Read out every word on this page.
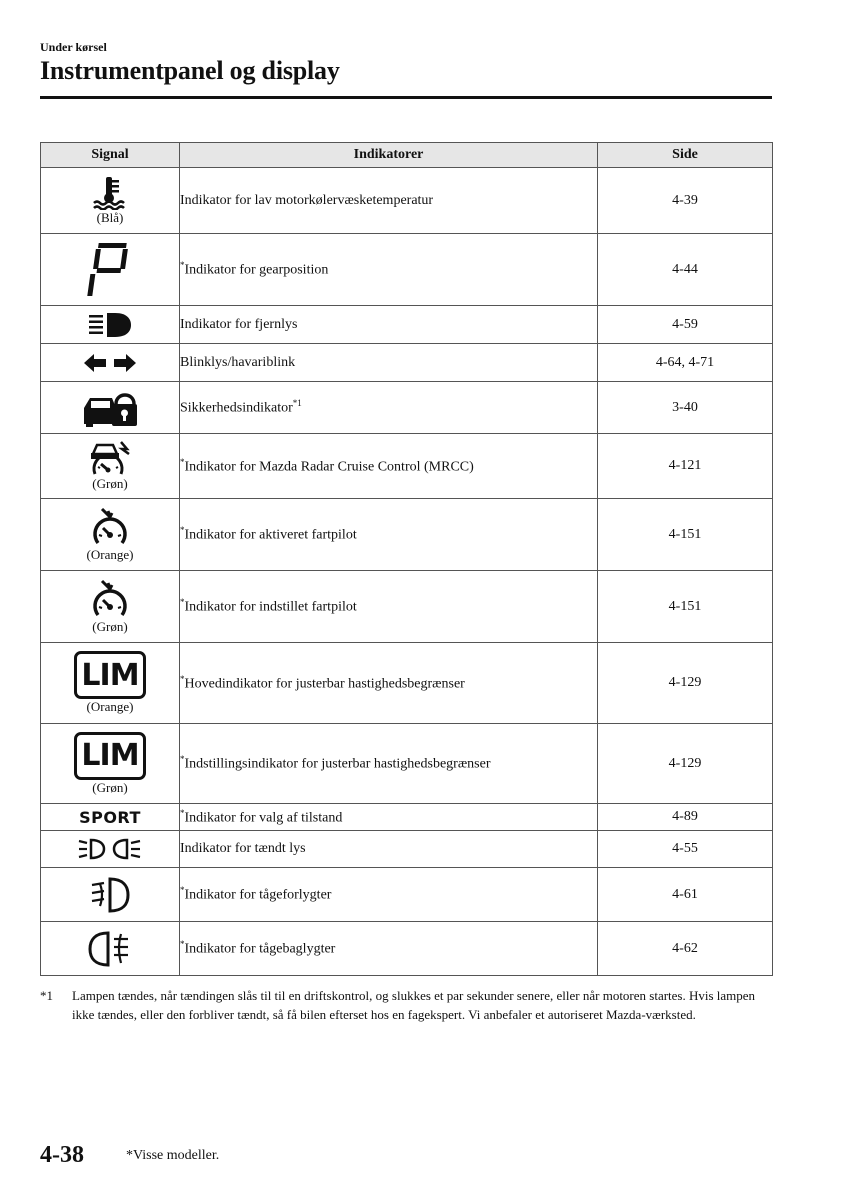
Under kørsel
Instrumentpanel og display
Signal	Indikatorer	Side

(Blå)	Indikator for lav motorkølervæsketemperatur	4-39

	*Indikator for gearposition	4-44

	Indikator for fjernlys	4-59

	Blinklys/havariblink	4-64, 4-71

	Sikkerhedsindikator$^{*1}$	3-40

(Grøn)	*Indikator for Mazda Radar Cruise Control (MRCC)	4-121

(Orange)	*Indikator for aktiveret fartpilot	4-151

(Grøn)	*Indikator for indstillet fartpilot	4-151

LIM
(Orange)	*Hovedindikator for justerbar hastighedsbegrænser	4-129

LIM
(Grøn)	*Indstillingsindikator for justerbar hastighedsbegrænser	4-129

SPORT	*Indikator for valg af tilstand	4-89

	Indikator for tændt lys	4-55

	*Indikator for tågeforlygter	4-61

	*Indikator for tågebaglygter	4-62
*1 Lampen tændes, når tændingen slås til til en driftskontrol, og slukkes et par sekunder senere, eller når motoren startes. Hvis lampen ikke tændes, eller den forbliver tændt, så få bilen efterset hos en fagekspert. Vi anbefaler et autoriseret Mazda-værksted.
4-38	*Visse modeller.
